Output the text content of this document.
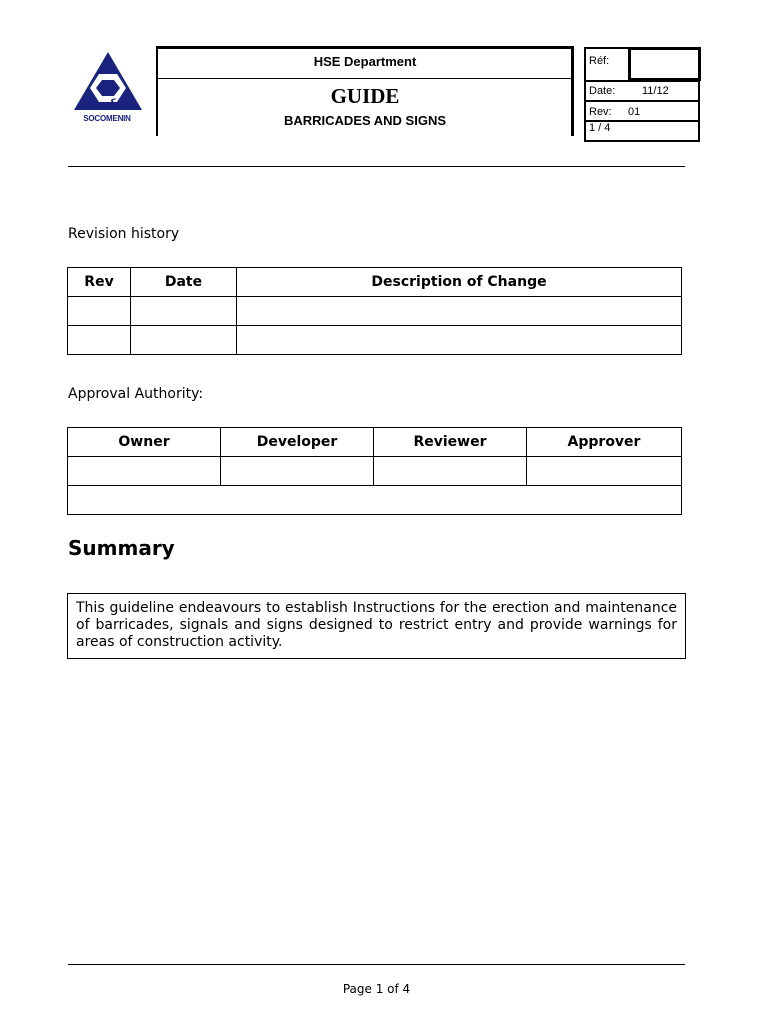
سوكومنين
SOCOMENIN
HSE Department
GUIDE
BARRICADES AND SIGNS
Réf:
Date: 11/12
Rev: 01
1 / 4
Revision history
Rev	Date	Description of Change

Approval Authority:
Owner	Developer	Reviewer	Approver

Summary
This guideline endeavours to establish Instructions for the erection and maintenance of barricades, signals and signs designed to restrict entry and provide warnings for areas of construction activity.
Page 1 of 4
